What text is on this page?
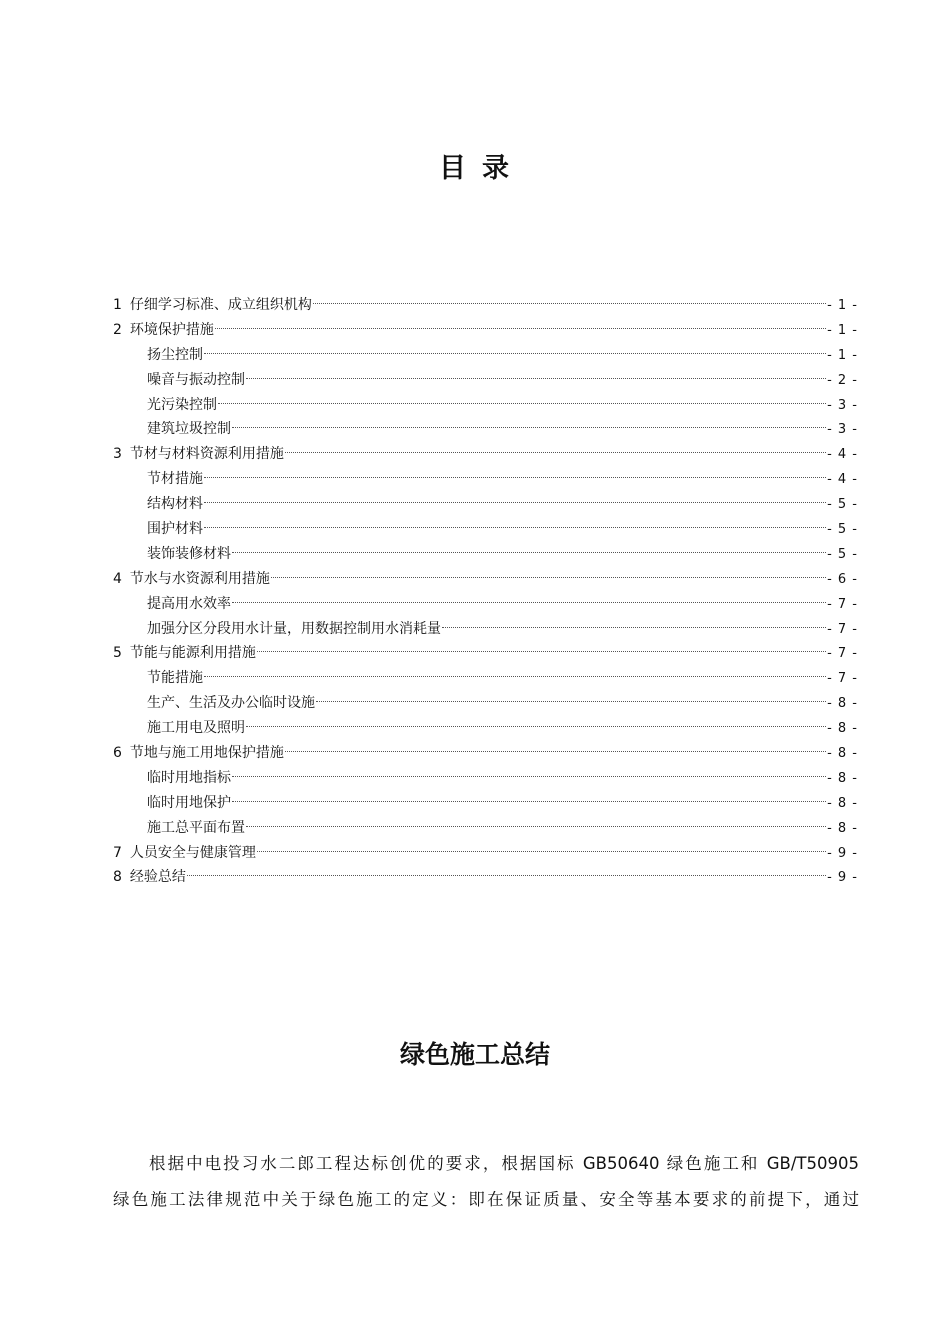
目 录
1 仔细学习标准、成立组织机构	- 1 -
2 环境保护措施	- 1 -
扬尘控制	- 1 -
噪音与振动控制	- 2 -
光污染控制	- 3 -
建筑垃圾控制	- 3 -
3 节材与材料资源利用措施	- 4 -
节材措施	- 4 -
结构材料	- 5 -
围护材料	- 5 -
装饰装修材料	- 5 -
4 节水与水资源利用措施	- 6 -
提高用水效率	- 7 -
加强分区分段用水计量，用数据控制用水消耗量	- 7 -
5 节能与能源利用措施	- 7 -
节能措施	- 7 -
生产、生活及办公临时设施	- 8 -
施工用电及照明	- 8 -
6 节地与施工用地保护措施	- 8 -
临时用地指标	- 8 -
临时用地保护	- 8 -
施工总平面布置	- 8 -
7 人员安全与健康管理	- 9 -
8 经验总结	- 9 -
绿色施工总结
根据中电投习水二郎工程达标创优的要求，根据国标 GB50640 绿色施工和 GB/T50905
绿色施工法律规范中关于绿色施工的定义：即在保证质量、安全等基本要求的前提下，通过
